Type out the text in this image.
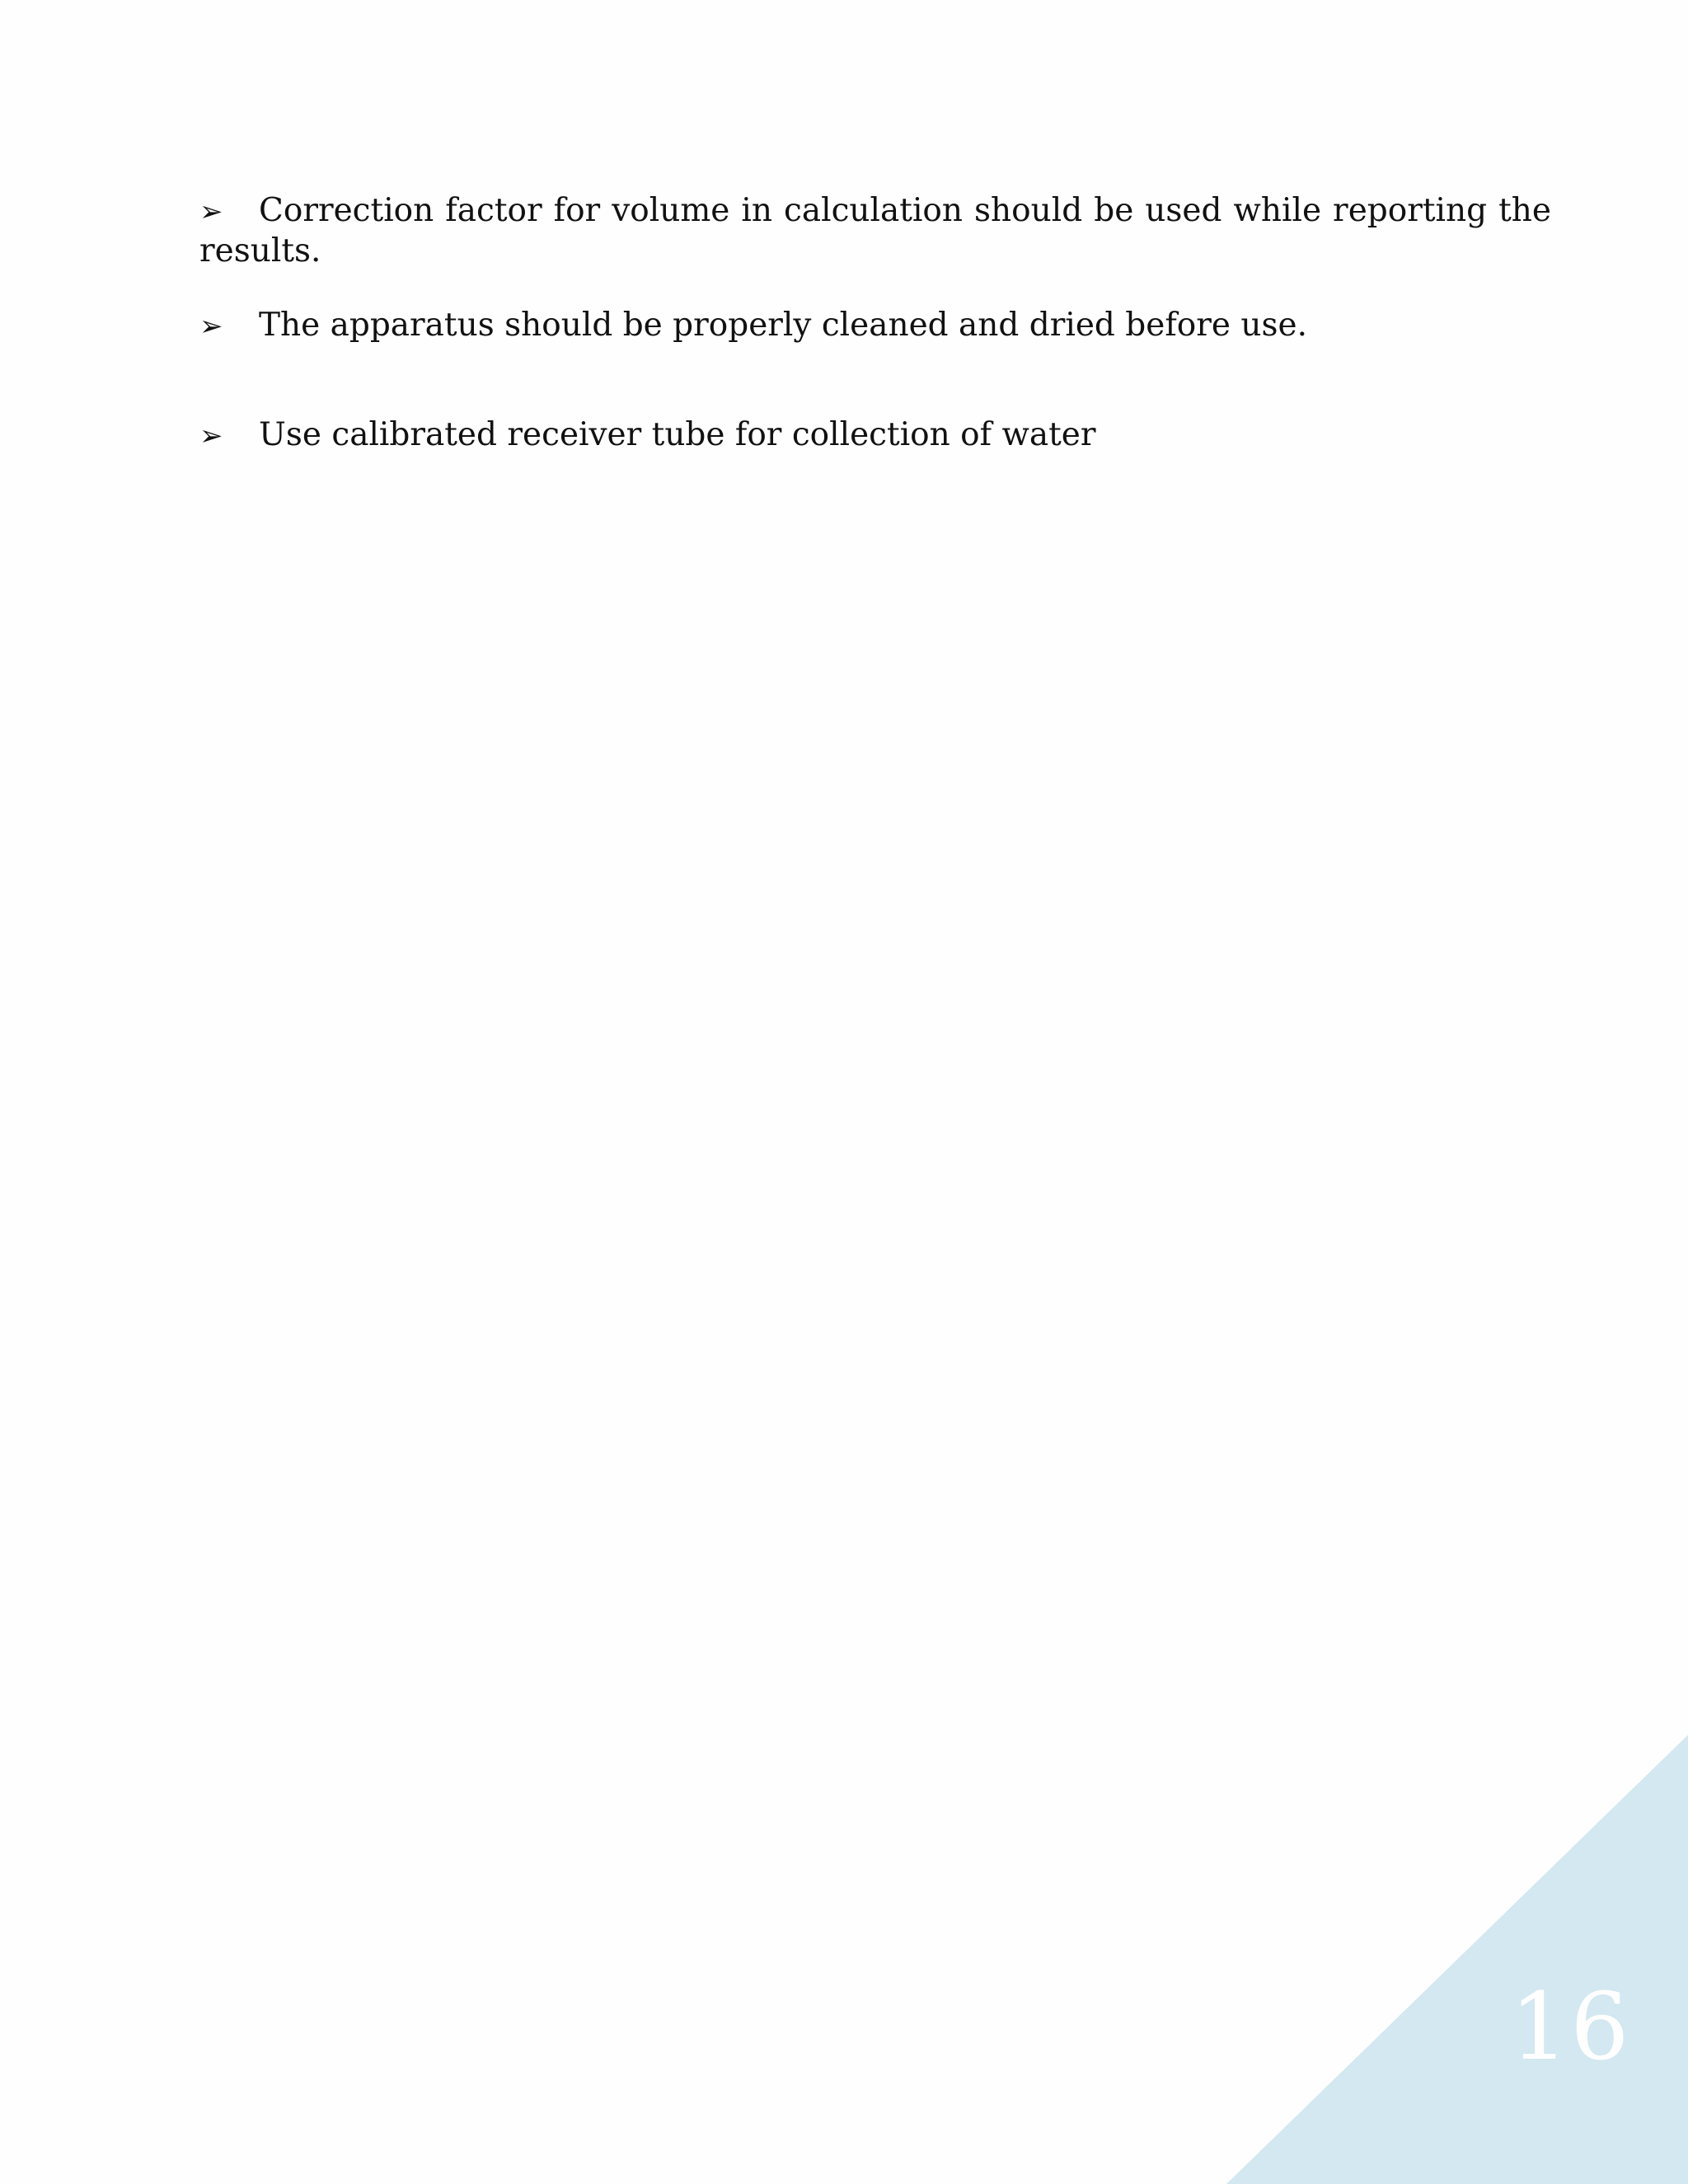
➢ Correction factor for volume in calculation should be used while reporting the results.
➢ The apparatus should be properly cleaned and dried before use.
➢ Use calibrated receiver tube for collection of water
16
